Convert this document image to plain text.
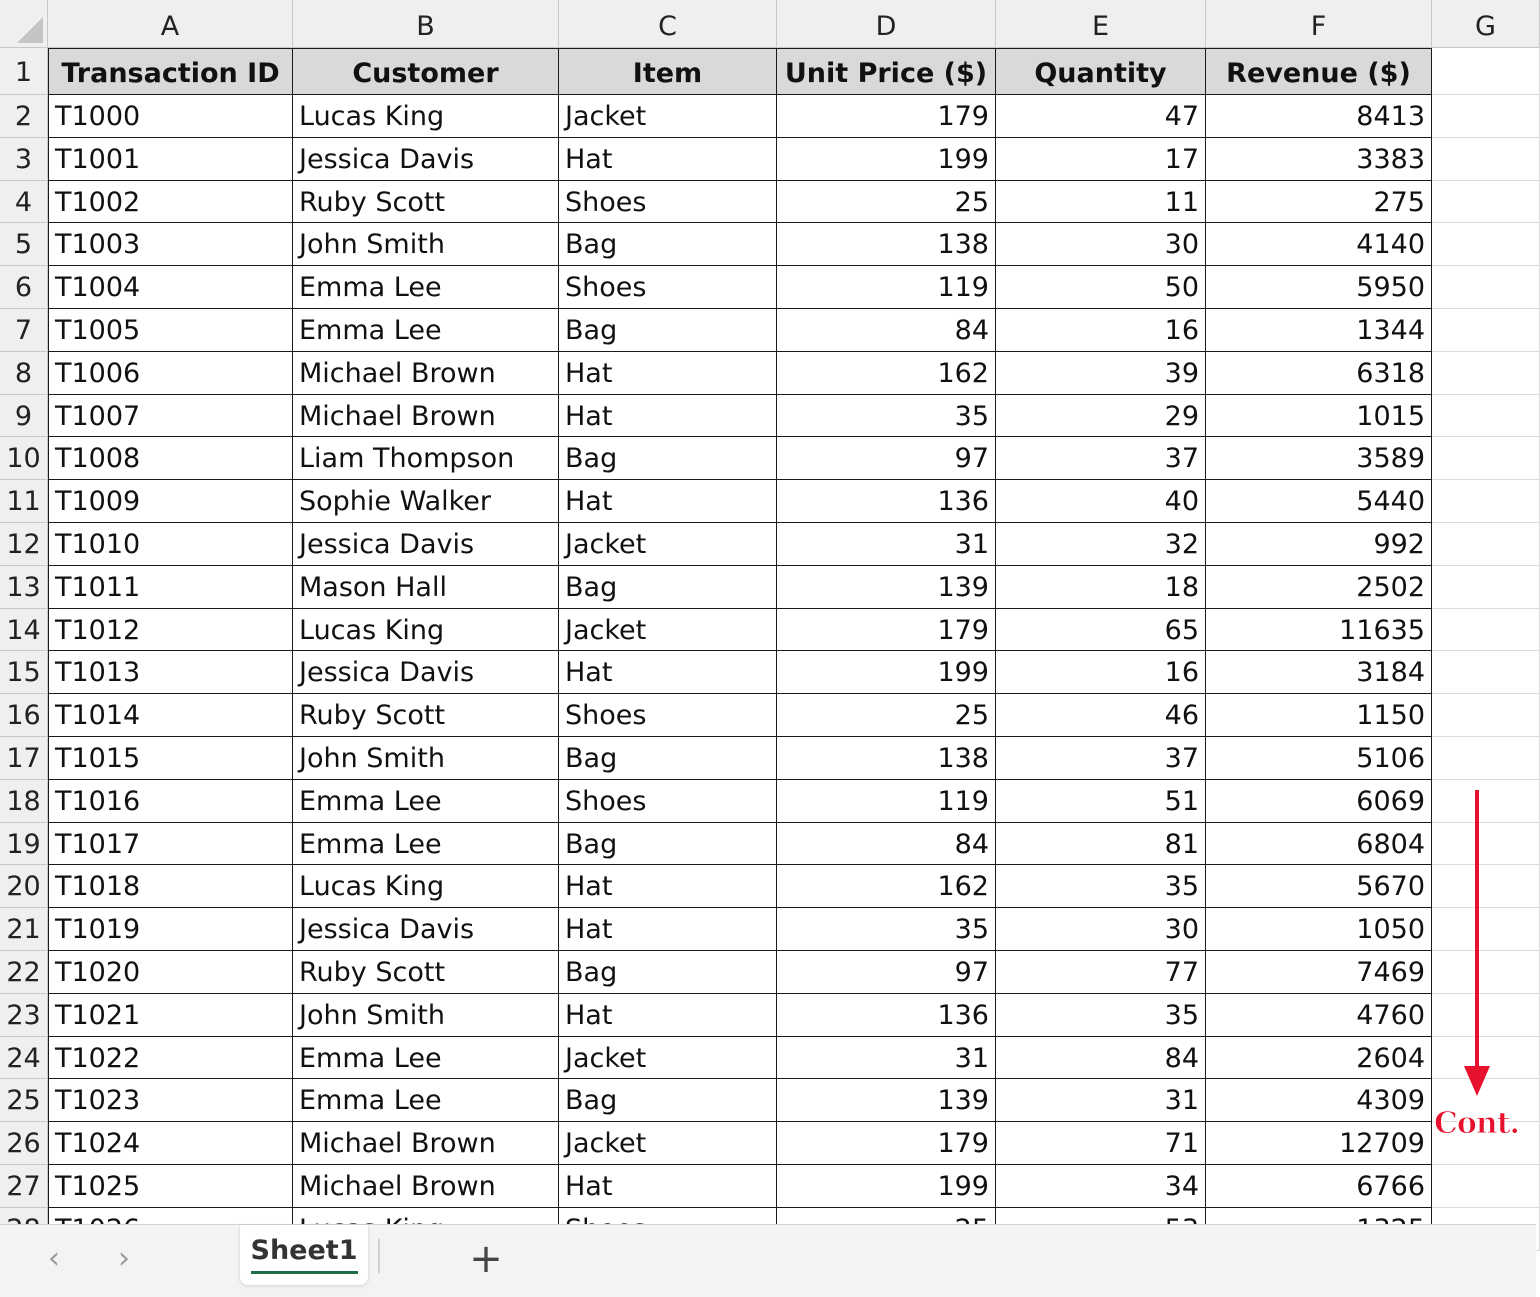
A	B	C	D	E	F	G
1	Transaction ID	Customer	Item	Unit Price ($)	Quantity	Revenue ($)
2 T1000	Lucas King	Jacket	179	47	8413
3 T1001	Jessica Davis	Hat	199	17	3383
4 T1002	Ruby Scott	Shoes	25	11	275
5 T1003	John Smith	Bag	138	30	4140
6 T1004	Emma Lee	Shoes	119	50	5950
7 T1005	Emma Lee	Bag	84	16	1344
8 T1006	Michael Brown	Hat	162	39	6318
9 T1007	Michael Brown	Hat	35	29	1015
10 T1008	Liam Thompson	Bag	97	37	3589
11 T1009	Sophie Walker	Hat	136	40	5440
12 T1010	Jessica Davis	Jacket	31	32	992
13 T1011	Mason Hall	Bag	139	18	2502
14 T1012	Lucas King	Jacket	179	65	11635
15 T1013	Jessica Davis	Hat	199	16	3184
16 T1014	Ruby Scott	Shoes	25	46	1150
17 T1015	John Smith	Bag	138	37	5106
18 T1016	Emma Lee	Shoes	119	51	6069
19 T1017	Emma Lee	Bag	84	81	6804
20 T1018	Lucas King	Hat	162	35	5670
21 T1019	Jessica Davis	Hat	35	30	1050
22 T1020	Ruby Scott	Bag	97	77	7469
23 T1021	John Smith	Hat	136	35	4760
24 T1022	Emma Lee	Jacket	31	84	2604
25 T1023	Emma Lee	Bag	139	31	4309
26 T1024	Michael Brown	Jacket	179	71	12709
27 T1025	Michael Brown	Hat	199	34	6766
Cont.
‹	›	Sheet1	+
